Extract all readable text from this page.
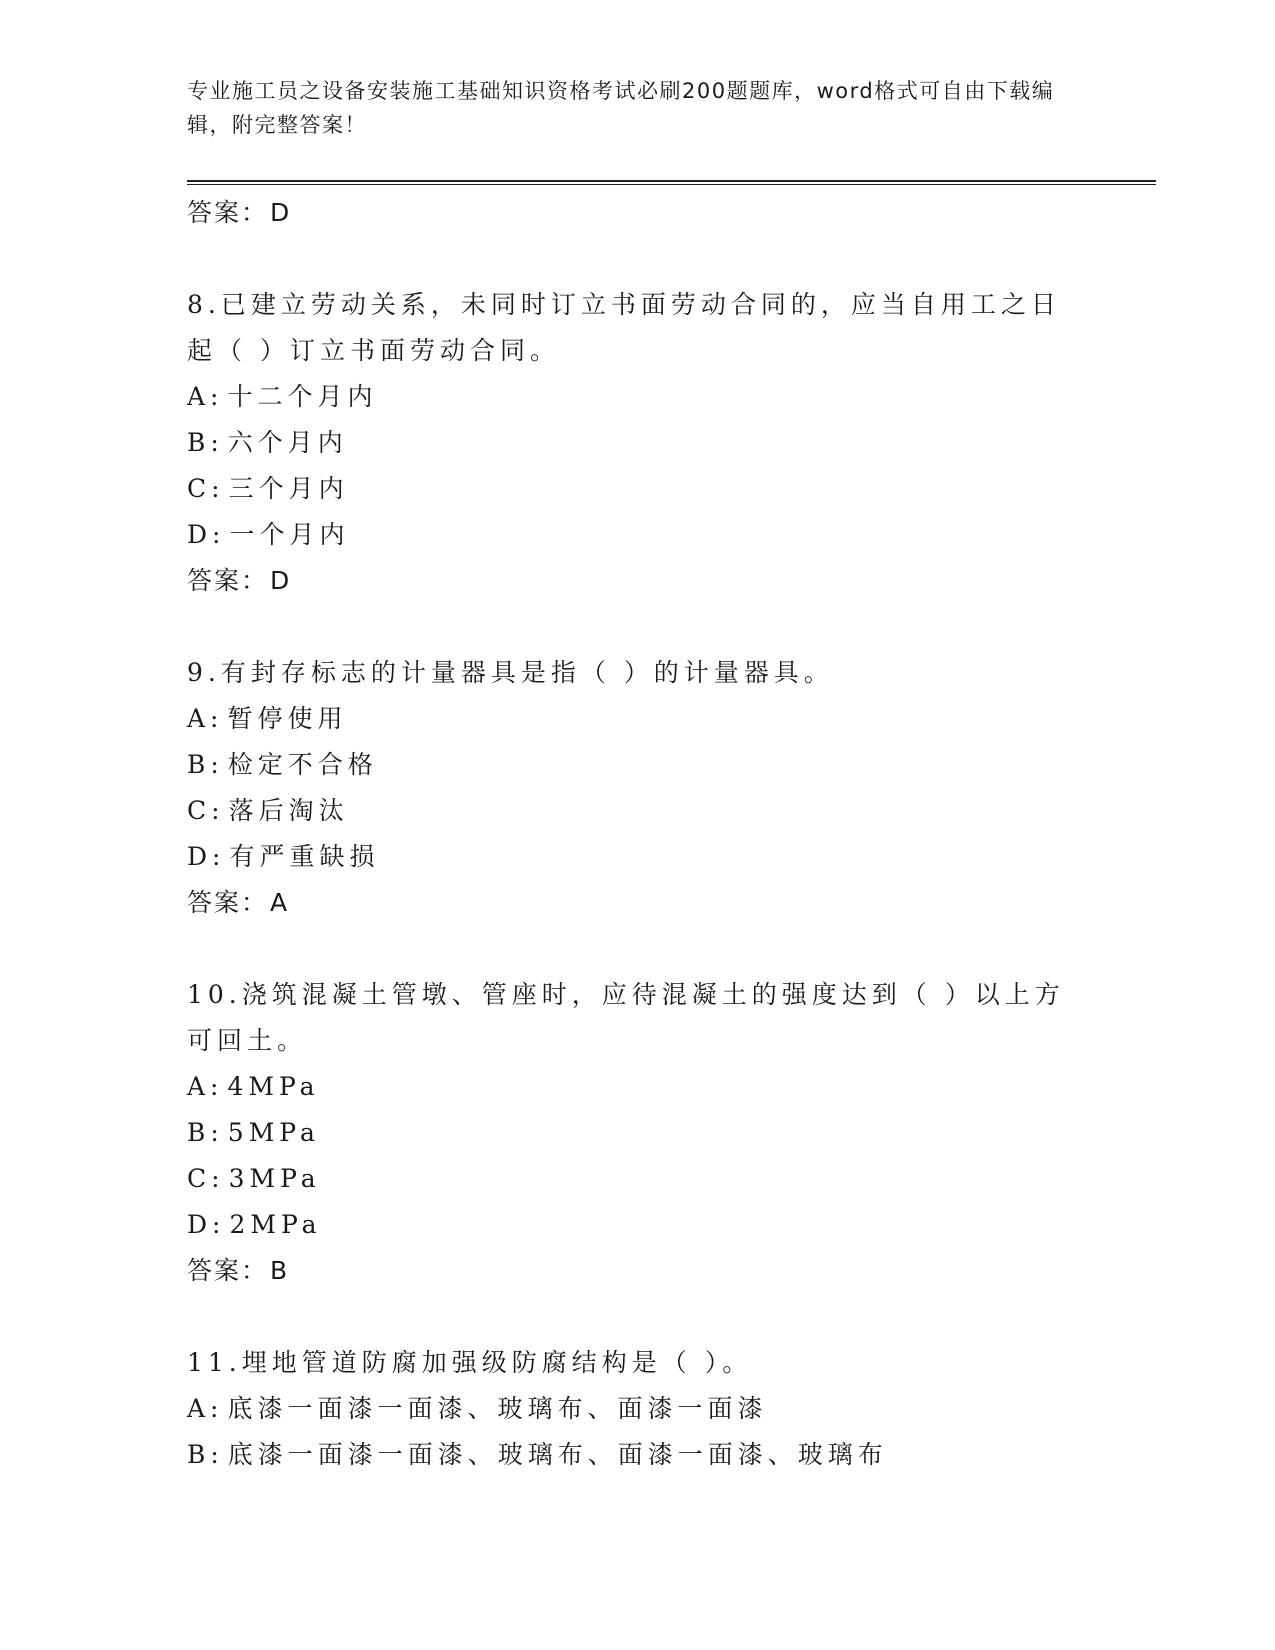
专业施工员之设备安装施工基础知识资格考试必刷200题题库，word格式可自由下载编辑，附完整答案！
答案：D
8.已建立劳动关系，未同时订立书面劳动合同的，应当自用工之日起（ ）订立书面劳动合同。
A: 十二个月内
B: 六个月内
C: 三个月内
D: 一个月内
答案：D
9.有封存标志的计量器具是指（ ）的计量器具。
A: 暂停使用
B: 检定不合格
C: 落后淘汰
D: 有严重缺损
答案：A
10.浇筑混凝土管墩、管座时，应待混凝土的强度达到（ ）以上方可回土。
A: 4MPa
B: 5MPa
C: 3MPa
D: 2MPa
答案：B
11.埋地管道防腐加强级防腐结构是（ ）。
A: 底漆一面漆一面漆、玻璃布、面漆一面漆
B: 底漆一面漆一面漆、玻璃布、面漆一面漆、玻璃布
